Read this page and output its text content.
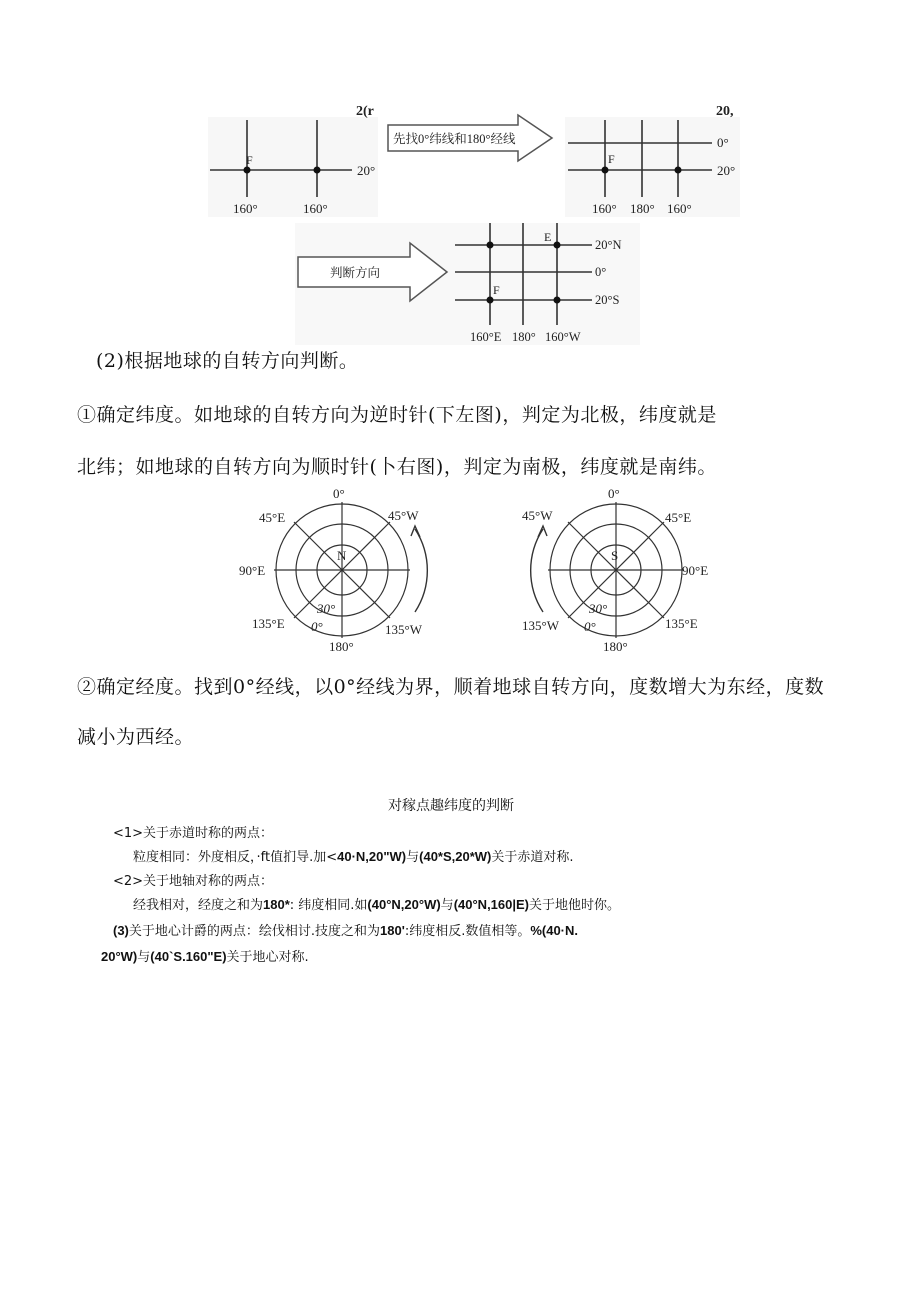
2(r	20,
F
20°
160°	160°
先找0°纬线和180°经线
F
0°
20°
160° 180° 160°
判断方向
E
F
20°N
0°
20°S
160°E 180° 160°W
(2)根据地球的自转方向判断。
①确定纬度。如地球的自转方向为逆时针(下左图)，判定为北极，纬度就是
北纬；如地球的自转方向为顺时针(卜右图)，判定为南极，纬度就是南纬。
N
0°
180°
90°E
45°E	45°W
135°E	135°W
30°
0°
S
0°
180°
90°E
45°W	45°E
135°W	135°E
30°
0°
②确定经度。找到0°经线，以0°经线为界，顺着地球自转方向，度数增大为东经，度数
减小为西经。
对稼点趣纬度的判断
<1>关于赤道时称的两点：
粒度相同：外度相反，·ft值扪导.加<40·N,20"W)与(40*S,20*W)关于赤道对称.
<2>关于地轴对称的两点：
经我相对，经度之和为180*: 纬度相同.如(40°N,20°W)与(40°N,160|E)关于地他时你。
(3)关于地心计爵的两点：绘伐相讨.技度之和为180':纬度相反.数值相等。%(40·N.
20°W)与(40`S.160"E)关于地心对称.
